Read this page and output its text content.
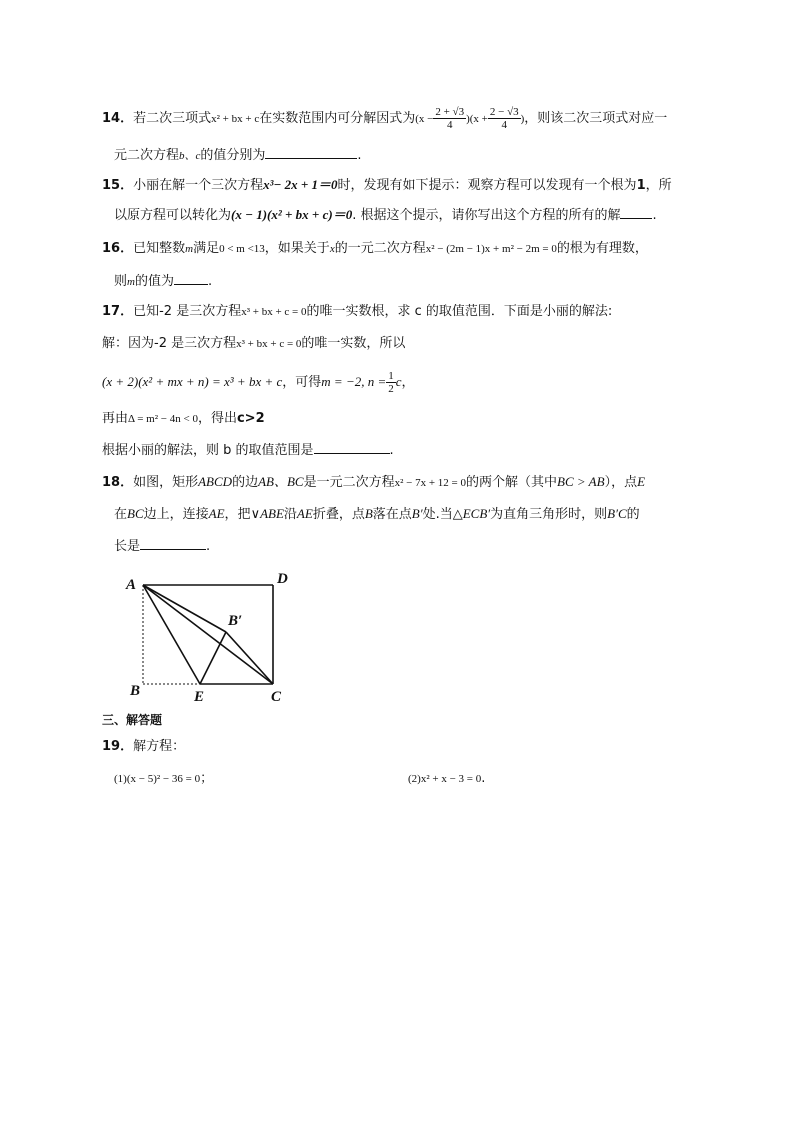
14．若二次三项式x² + bx + c在实数范围内可分解因式为$(x - \frac{2 + √3}{4} )(x + \frac{2 - √3}{4}$ )，则该二次三项式对应一
元二次方程b、c的值分别为	.
15．小丽在解一个三次方程x³− 2x + 1＝0时，发现有如下提示：观察方程可以发现有一个根为1，所
以原方程可以转化为(x − 1)(x² + bx + c)＝0. 根据这个提示，请你写出这个方程的所有的解 .
16．已知整数m满足0 < m <13，如果关于x的一元二次方程x² − (2m − 1)x + m² − 2m = 0的根为有理数，
则m的值为	.
17．已知-2 是三次方程x³ + bx + c = 0的唯一实数根，求 c 的取值范围．下面是小丽的解法:
解：因为-2 是三次方程x³ + bx + c = 0的唯一实数，所以
(x + 2)(x² + mx + n) = x³ + bx + c，可得m = −2, $n = \frac{1}{2}$ c，
再由Δ = m² − 4n < 0，得出c>2
根据小丽的解法，则 b 的取值范围是	.
18．如图，矩形ABCD的边AB、BC是一元二次方程x² − 7x + 12 = 0的两个解（其中BC > AB），点E
在BC边上，连接AE，把∨ABE沿AE折叠，点B落在点B′处.当△ECB′为直角三角形时，则B′C的
长是	.
A	D
B′
B	E	C
三、解答题
19．解方程：
(1)(x − 5)² − 36 = 0；	(2)x² + x − 3 = 0.
